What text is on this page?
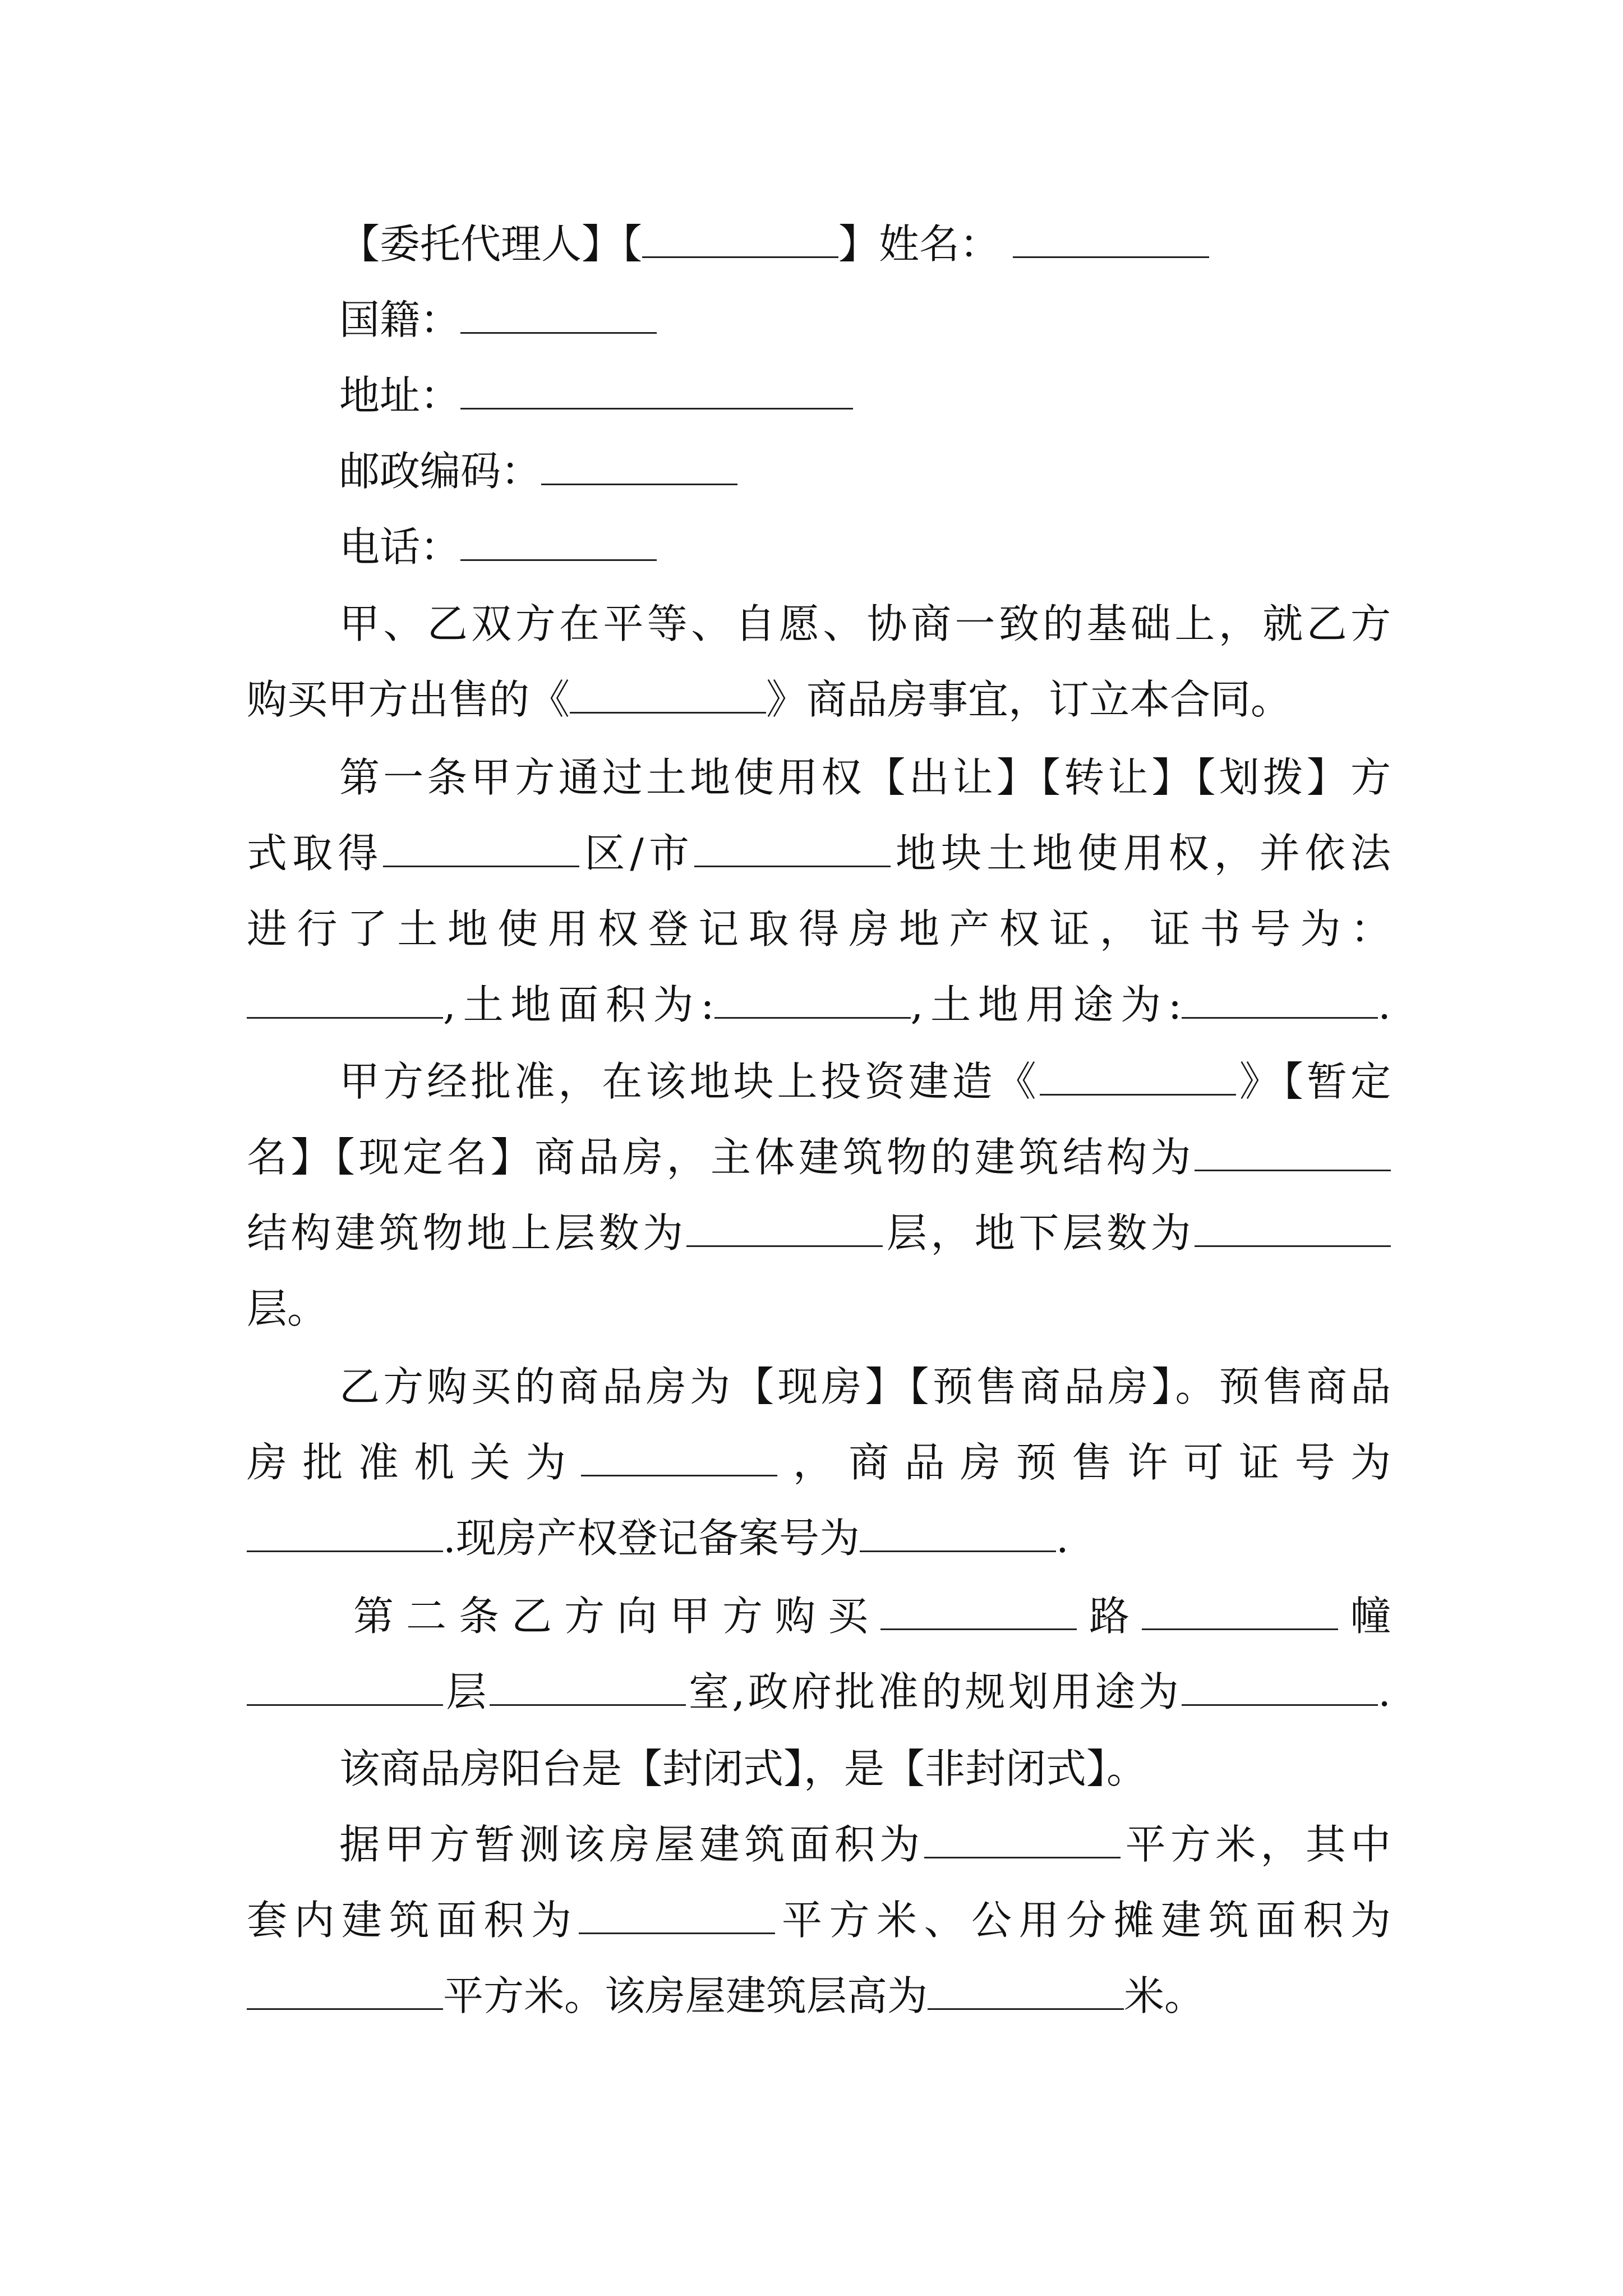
【委托代理人】【	】姓名：
国籍：
地址：
邮政编码：
电话：
甲、乙双方在平等、自愿、协商一致的基础上，就乙方
购买甲方出售的《	》商品房事宜，订立本合同。
第一条甲方通过土地使用权【出让】【转让】【划拨】方
式取得	区/市	地块土地使用权，并依法
进行了土地使用权登记取得房地产权证，证书号为：
,土地面积为:	,土地用途为:	.
甲方经批准，在该地块上投资建造《	》【暂定
名】【现定名】商品房，主体建筑物的建筑结构为
结构建筑物地上层数为	层，地下层数为
层。
乙方购买的商品房为【现房】【预售商品房】。预售商品
房批准机关为	，商品房预售许可证号为
.现房产权登记备案号为	.
第二条乙方向甲方购买	路	幢
层	室,政府批准的规划用途为	.
该商品房阳台是【封闭式】，是【非封闭式】。
据甲方暂测该房屋建筑面积为	平方米，其中
套内建筑面积为	平方米、公用分摊建筑面积为
平方米。该房屋建筑层高为	米。
